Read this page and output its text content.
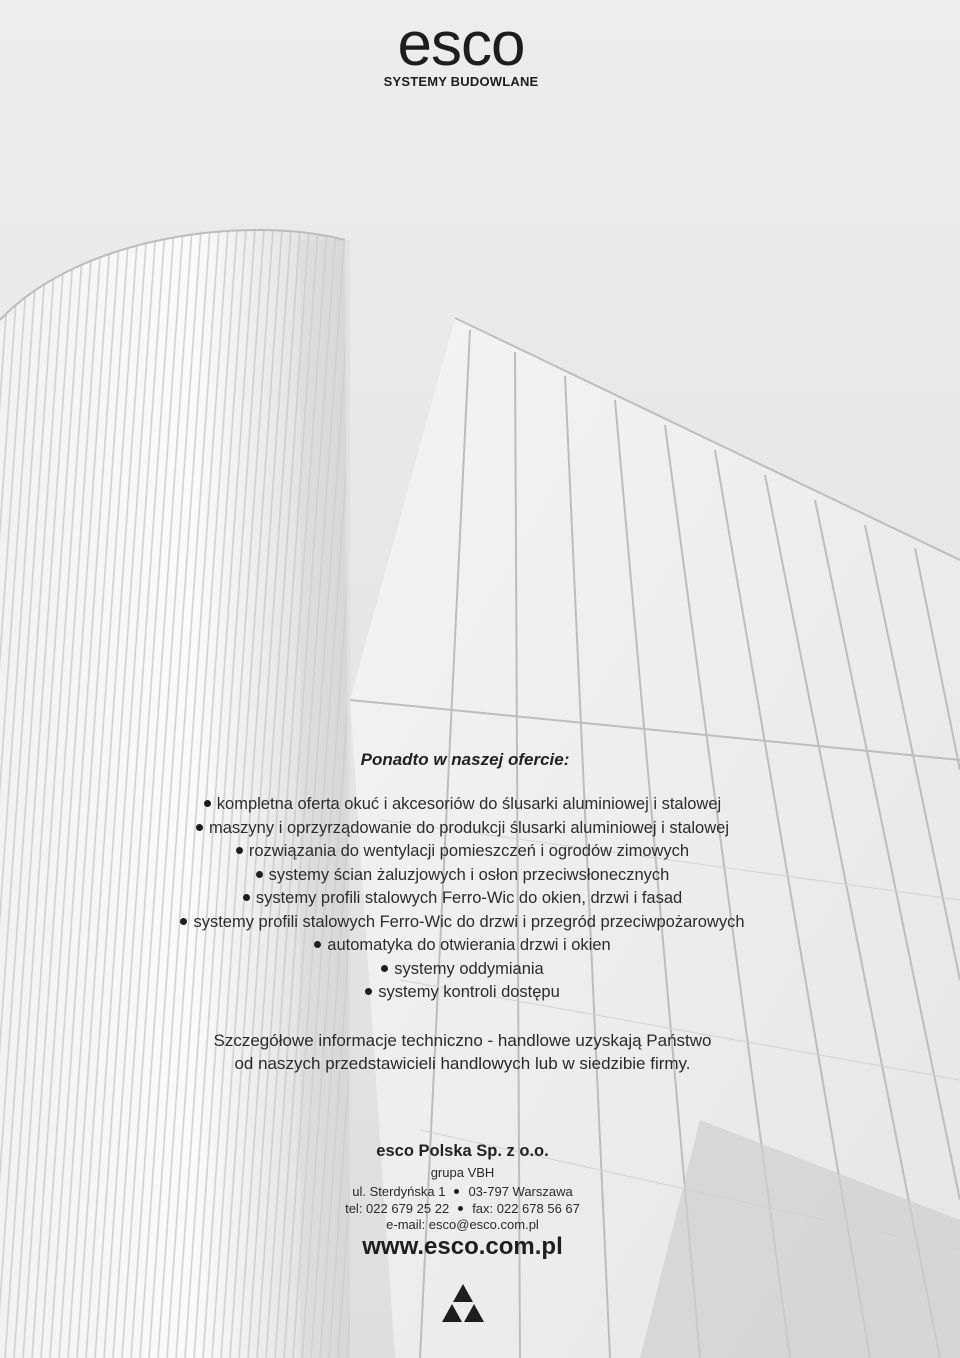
esco
SYSTEMY BUDOWLANE
Ponadto w naszej ofercie:
kompletna oferta okuć i akcesoriów do ślusarki aluminiowej i stalowej
maszyny i oprzyrządowanie do produkcji ślusarki aluminiowej i stalowej
rozwiązania do wentylacji pomieszczeń i ogrodów zimowych
systemy ścian żaluzjowych i osłon przeciwsłonecznych
systemy profili stalowych Ferro-Wic do okien, drzwi i fasad
systemy profili stalowych Ferro-Wic do drzwi i przegród przeciwpożarowych
automatyka do otwierania drzwi i okien
systemy oddymiania
systemy kontroli dostępu
Szczegółowe informacje techniczno - handlowe uzyskają Państwo
od naszych przedstawicieli handlowych lub w siedzibie firmy.
esco Polska Sp. z o.o.
grupa VBH
ul. Sterdyńska 1 03-797 Warszawa
tel: 022 679 25 22 fax: 022 678 56 67
e-mail: esco@esco.com.pl
www.esco.com.pl
